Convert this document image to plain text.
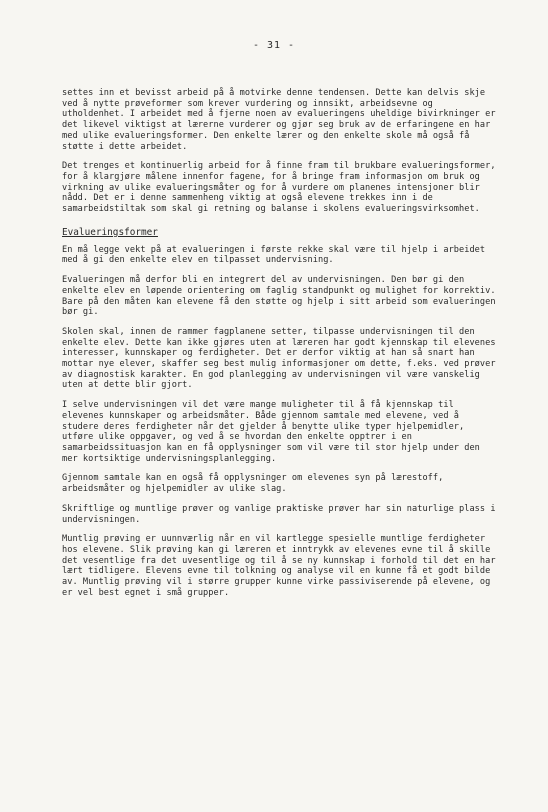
- 31 -

settes inn et bevisst arbeid på å motvirke denne tendensen. Dette kan delvis skje ved å nytte prøveformer som krever vurdering og innsikt, arbeidsevne og utholdenhet. I arbeidet med å fjerne noen av evalueringens uheldige bivirkninger er det likevel viktigst at lærerne vurderer og gjør seg bruk av de erfaringene en har med ulike evalueringsformer. Den enkelte lærer og den enkelte skole må også få støtte i dette arbeidet.

Det trenges et kontinuerlig arbeid for å finne fram til brukbare evalueringsformer, for å klargjøre målene innenfor fagene, for å bringe fram informasjon om bruk og virkning av ulike evalueringsmåter og for å vurdere om planenes intensjoner blir nådd. Det er i denne sammenheng viktig at også elevene trekkes inn i de samarbeidstiltak som skal gi retning og balanse i skolens evalueringsvirksomhet.

Evalueringsformer

En må legge vekt på at evalueringen i første rekke skal være til hjelp i arbeidet med å gi den enkelte elev en tilpasset undervisning.

Evalueringen må derfor bli en integrert del av undervisningen. Den bør gi den enkelte elev en løpende orientering om faglig standpunkt og mulighet for korrektiv. Bare på den måten kan elevene få den støtte og hjelp i sitt arbeid som evalueringen bør gi.

Skolen skal, innen de rammer fagplanene setter, tilpasse undervisningen til den enkelte elev. Dette kan ikke gjøres uten at læreren har godt kjennskap til elevenes interesser, kunnskaper og ferdigheter. Det er derfor viktig at han så snart han mottar nye elever, skaffer seg best mulig informasjoner om dette, f.eks. ved prøver av diagnostisk karakter. En god planlegging av undervisningen vil være vanskelig uten at dette blir gjort.

I selve undervisningen vil det være mange muligheter til å få kjennskap til elevenes kunnskaper og arbeidsmåter. Både gjennom samtale med elevene, ved å studere deres ferdigheter når det gjelder å benytte ulike typer hjelpemidler, utføre ulike oppgaver, og ved å se hvordan den enkelte opptrer i en samarbeidssituasjon kan en få opplysninger som vil være til stor hjelp under den mer kortsiktige undervisningsplanlegging.

Gjennom samtale kan en også få opplysninger om elevenes syn på lærestoff, arbeidsmåter og hjelpemidler av ulike slag.

Skriftlige og muntlige prøver og vanlige praktiske prøver har sin naturlige plass i undervisningen.

Muntlig prøving er uunnværlig når en vil kartlegge spesielle muntlige ferdigheter hos elevene. Slik prøving kan gi læreren et inntrykk av elevenes evne til å skille det vesentlige fra det uvesentlige og til å se ny kunnskap i forhold til det en har lært tidligere. Elevens evne til tolkning og analyse vil en kunne få et godt bilde av. Muntlig prøving vil i større grupper kunne virke passiviserende på elevene, og er vel best egnet i små grupper.
